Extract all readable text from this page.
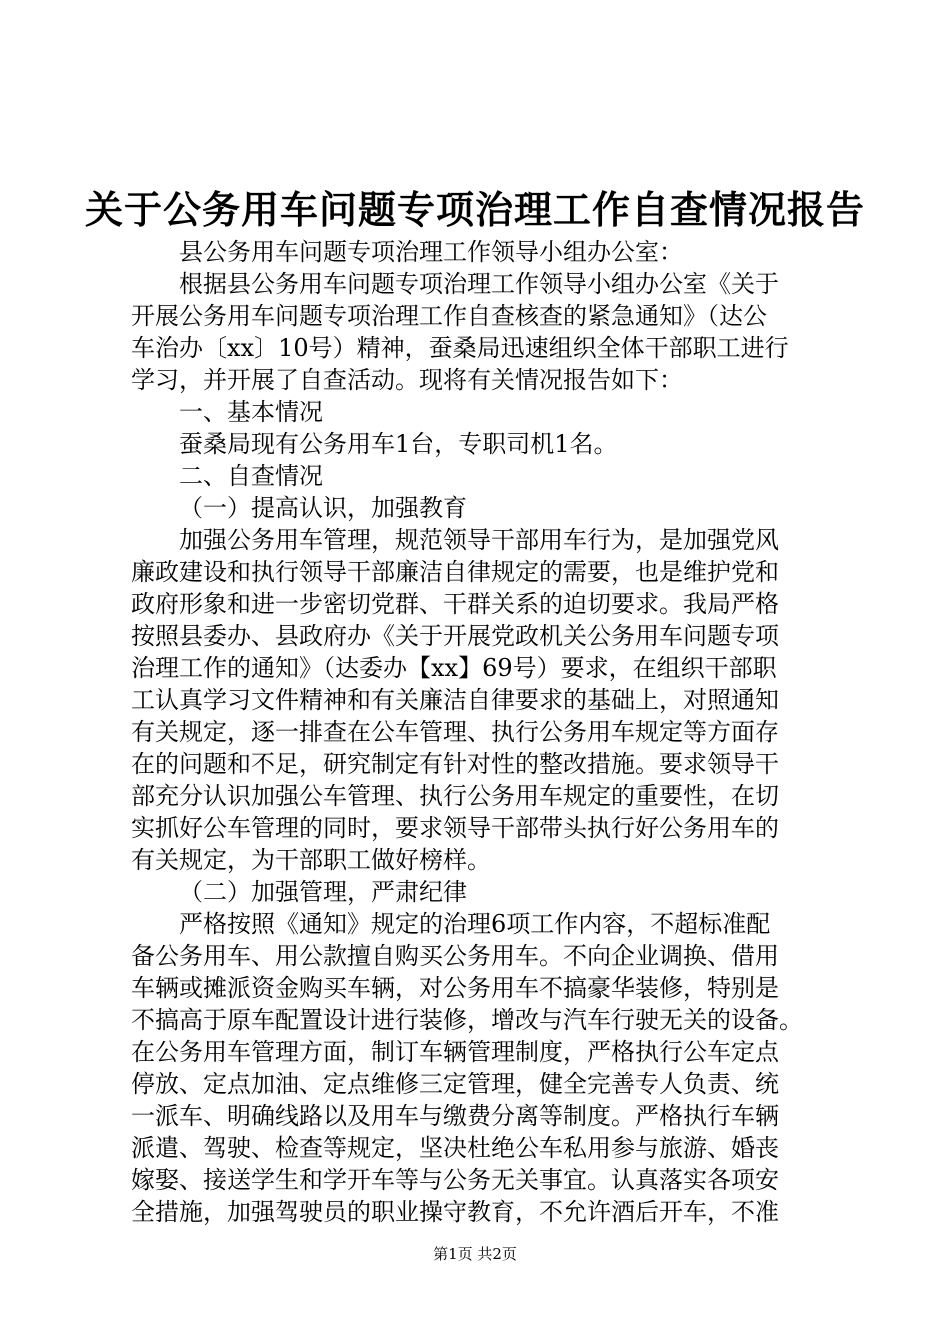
关于公务用车问题专项治理工作自查情况报告
县公务用车问题专项治理工作领导小组办公室：
根据县公务用车问题专项治理工作领导小组办公室《关于
开展公务用车问题专项治理工作自查核查的紧急通知》（达公
车治办〔xx〕10号）精神，蚕桑局迅速组织全体干部职工进行
学习，并开展了自查活动。现将有关情况报告如下：
一、基本情况
蚕桑局现有公务用车1台，专职司机1名。
二、自查情况
（一）提高认识，加强教育
加强公务用车管理，规范领导干部用车行为，是加强党风
廉政建设和执行领导干部廉洁自律规定的需要，也是维护党和
政府形象和进一步密切党群、干群关系的迫切要求。我局严格
按照县委办、县政府办《关于开展党政机关公务用车问题专项
治理工作的通知》（达委办【xx】69号）要求，在组织干部职
工认真学习文件精神和有关廉洁自律要求的基础上，对照通知
有关规定，逐一排查在公车管理、执行公务用车规定等方面存
在的问题和不足，研究制定有针对性的整改措施。要求领导干
部充分认识加强公车管理、执行公务用车规定的重要性，在切
实抓好公车管理的同时，要求领导干部带头执行好公务用车的
有关规定，为干部职工做好榜样。
（二）加强管理，严肃纪律
严格按照《通知》规定的治理6项工作内容，不超标准配
备公务用车、用公款擅自购买公务用车。不向企业调换、借用
车辆或摊派资金购买车辆，对公务用车不搞豪华装修，特别是
不搞高于原车配置设计进行装修，增改与汽车行驶无关的设备。
在公务用车管理方面，制订车辆管理制度，严格执行公车定点
停放、定点加油、定点维修三定管理，健全完善专人负责、统
一派车、明确线路以及用车与缴费分离等制度。严格执行车辆
派遣、驾驶、检查等规定，坚决杜绝公车私用参与旅游、婚丧
嫁娶、接送学生和学开车等与公务无关事宜。认真落实各项安
全措施，加强驾驶员的职业操守教育，不允许酒后开车，不准
第1页 共2页
